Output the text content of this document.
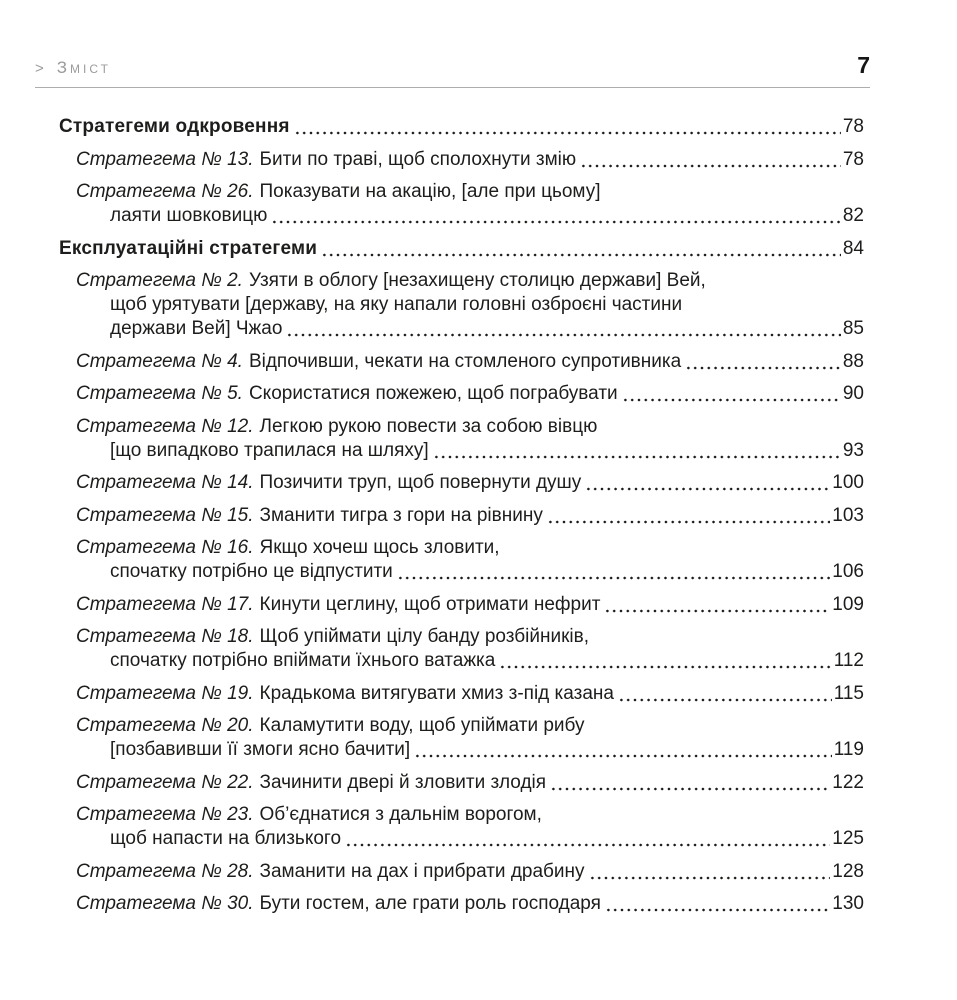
> Зміст	7
Стратегеми одкровення	78
Стратегема № 13. Бити по траві, щоб сполохнути змію	78
Стратегема № 26. Показувати на акацію, [але при цьому]
лаяти шовковицю	82
Експлуатаційні стратегеми	84
Стратегема № 2. Узяти в облогу [незахищену столицю держави] Вей,
щоб урятувати [державу, на яку напали головні озброєні частини
держави Вей] Чжао	85
Стратегема № 4. Відпочивши, чекати на стомленого супротивника	88
Стратегема № 5. Скористатися пожежею, щоб пограбувати	90
Стратегема № 12. Легкою рукою повести за собою вівцю
[що випадково трапилася на шляху]	93
Стратегема № 14. Позичити труп, щоб повернути душу	100
Стратегема № 15. Зманити тигра з гори на рівнину	103
Стратегема № 16. Якщо хочеш щось зловити,
спочатку потрібно це відпустити	106
Стратегема № 17. Кинути цеглину, щоб отримати нефрит	109
Стратегема № 18. Щоб упіймати цілу банду розбійників,
спочатку потрібно впіймати їхнього ватажка	112
Стратегема № 19. Крадькома витягувати хмиз з-під казана	115
Стратегема № 20. Каламутити воду, щоб упіймати рибу
[позбавивши її змоги ясно бачити]	119
Стратегема № 22. Зачинити двері й зловити злодія	122
Стратегема № 23. Об’єднатися з дальнім ворогом,
щоб напасти на близького	125
Стратегема № 28. Заманити на дах і прибрати драбину	128
Стратегема № 30. Бути гостем, але грати роль господаря	130
